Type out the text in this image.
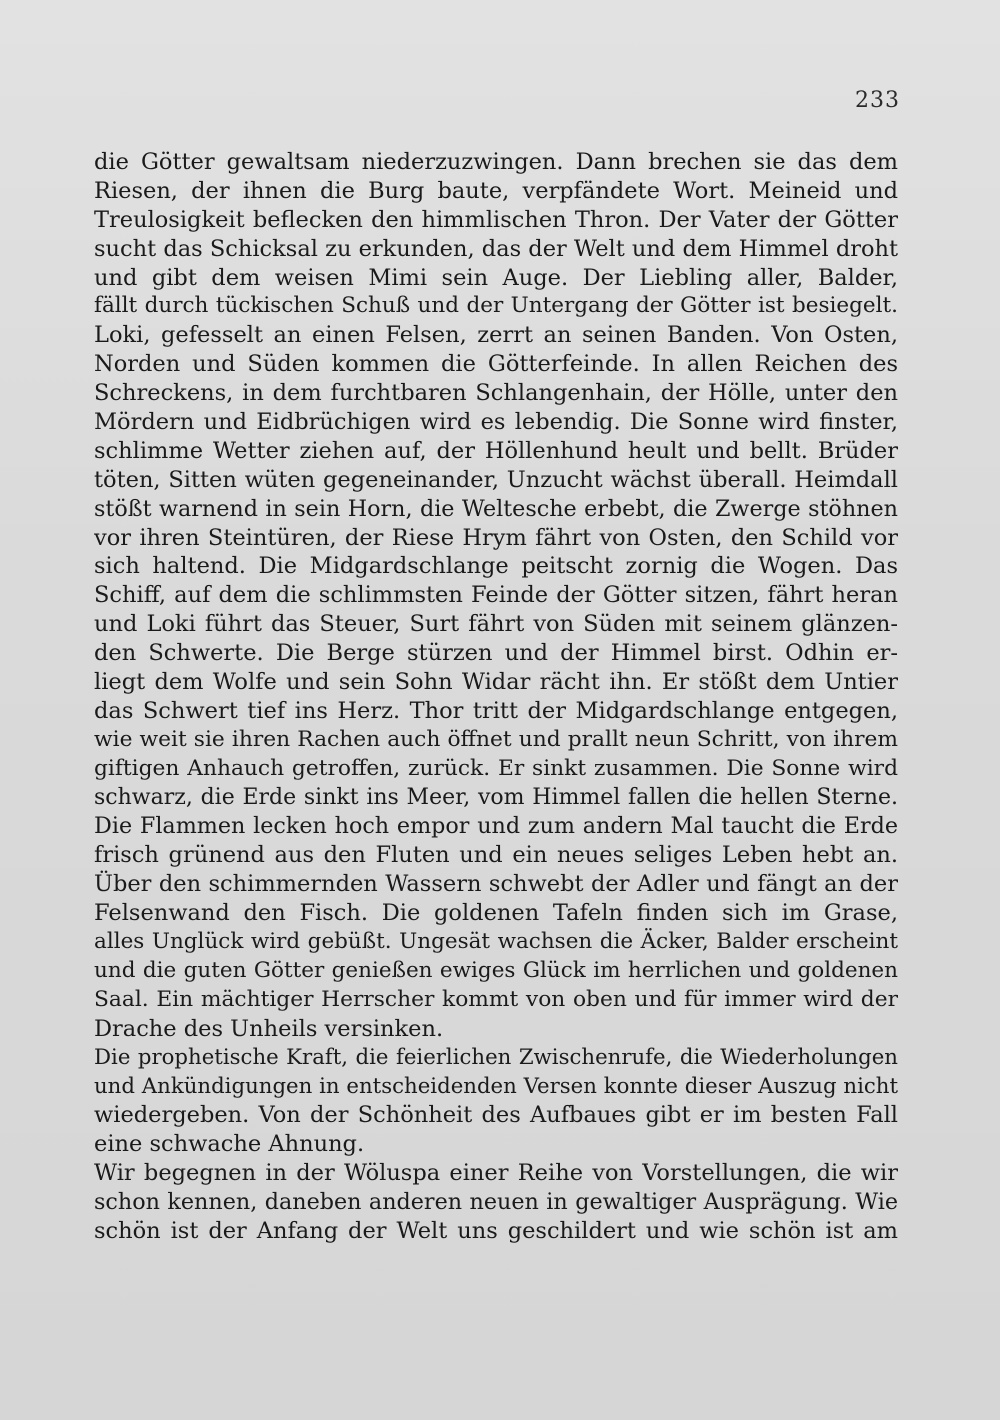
233
die Götter gewaltsam niederzuzwingen. Dann brechen sie das dem
Riesen, der ihnen die Burg baute, verpfändete Wort. Meineid und
Treulosigkeit beflecken den himmlischen Thron. Der Vater der Götter
sucht das Schicksal zu erkunden, das der Welt und dem Himmel droht
und gibt dem weisen Mimi sein Auge. Der Liebling aller, Balder,
fällt durch tückischen Schuß und der Untergang der Götter ist besiegelt.
Loki, gefesselt an einen Felsen, zerrt an seinen Banden. Von Osten,
Norden und Süden kommen die Götterfeinde. In allen Reichen des
Schreckens, in dem furchtbaren Schlangenhain, der Hölle, unter den
Mördern und Eidbrüchigen wird es lebendig. Die Sonne wird finster,
schlimme Wetter ziehen auf, der Höllenhund heult und bellt. Brüder
töten, Sitten wüten gegeneinander, Unzucht wächst überall. Heimdall
stößt warnend in sein Horn, die Weltesche erbebt, die Zwerge stöhnen
vor ihren Steintüren, der Riese Hrym fährt von Osten, den Schild vor
sich haltend. Die Midgardschlange peitscht zornig die Wogen. Das
Schiff, auf dem die schlimmsten Feinde der Götter sitzen, fährt heran
und Loki führt das Steuer, Surt fährt von Süden mit seinem glänzen-
den Schwerte. Die Berge stürzen und der Himmel birst. Odhin er-
liegt dem Wolfe und sein Sohn Widar rächt ihn. Er stößt dem Untier
das Schwert tief ins Herz. Thor tritt der Midgardschlange entgegen,
wie weit sie ihren Rachen auch öffnet und prallt neun Schritt, von ihrem
giftigen Anhauch getroffen, zurück. Er sinkt zusammen. Die Sonne wird
schwarz, die Erde sinkt ins Meer, vom Himmel fallen die hellen Sterne.
Die Flammen lecken hoch empor und zum andern Mal taucht die Erde
frisch grünend aus den Fluten und ein neues seliges Leben hebt an.
Über den schimmernden Wassern schwebt der Adler und fängt an der
Felsenwand den Fisch. Die goldenen Tafeln finden sich im Grase,
alles Unglück wird gebüßt. Ungesät wachsen die Äcker, Balder erscheint
und die guten Götter genießen ewiges Glück im herrlichen und goldenen
Saal. Ein mächtiger Herrscher kommt von oben und für immer wird der
Drache des Unheils versinken.
Die prophetische Kraft, die feierlichen Zwischenrufe, die Wiederholungen
und Ankündigungen in entscheidenden Versen konnte dieser Auszug nicht
wiedergeben. Von der Schönheit des Aufbaues gibt er im besten Fall
eine schwache Ahnung.
Wir begegnen in der Wöluspa einer Reihe von Vorstellungen, die wir
schon kennen, daneben anderen neuen in gewaltiger Ausprägung. Wie
schön ist der Anfang der Welt uns geschildert und wie schön ist am
